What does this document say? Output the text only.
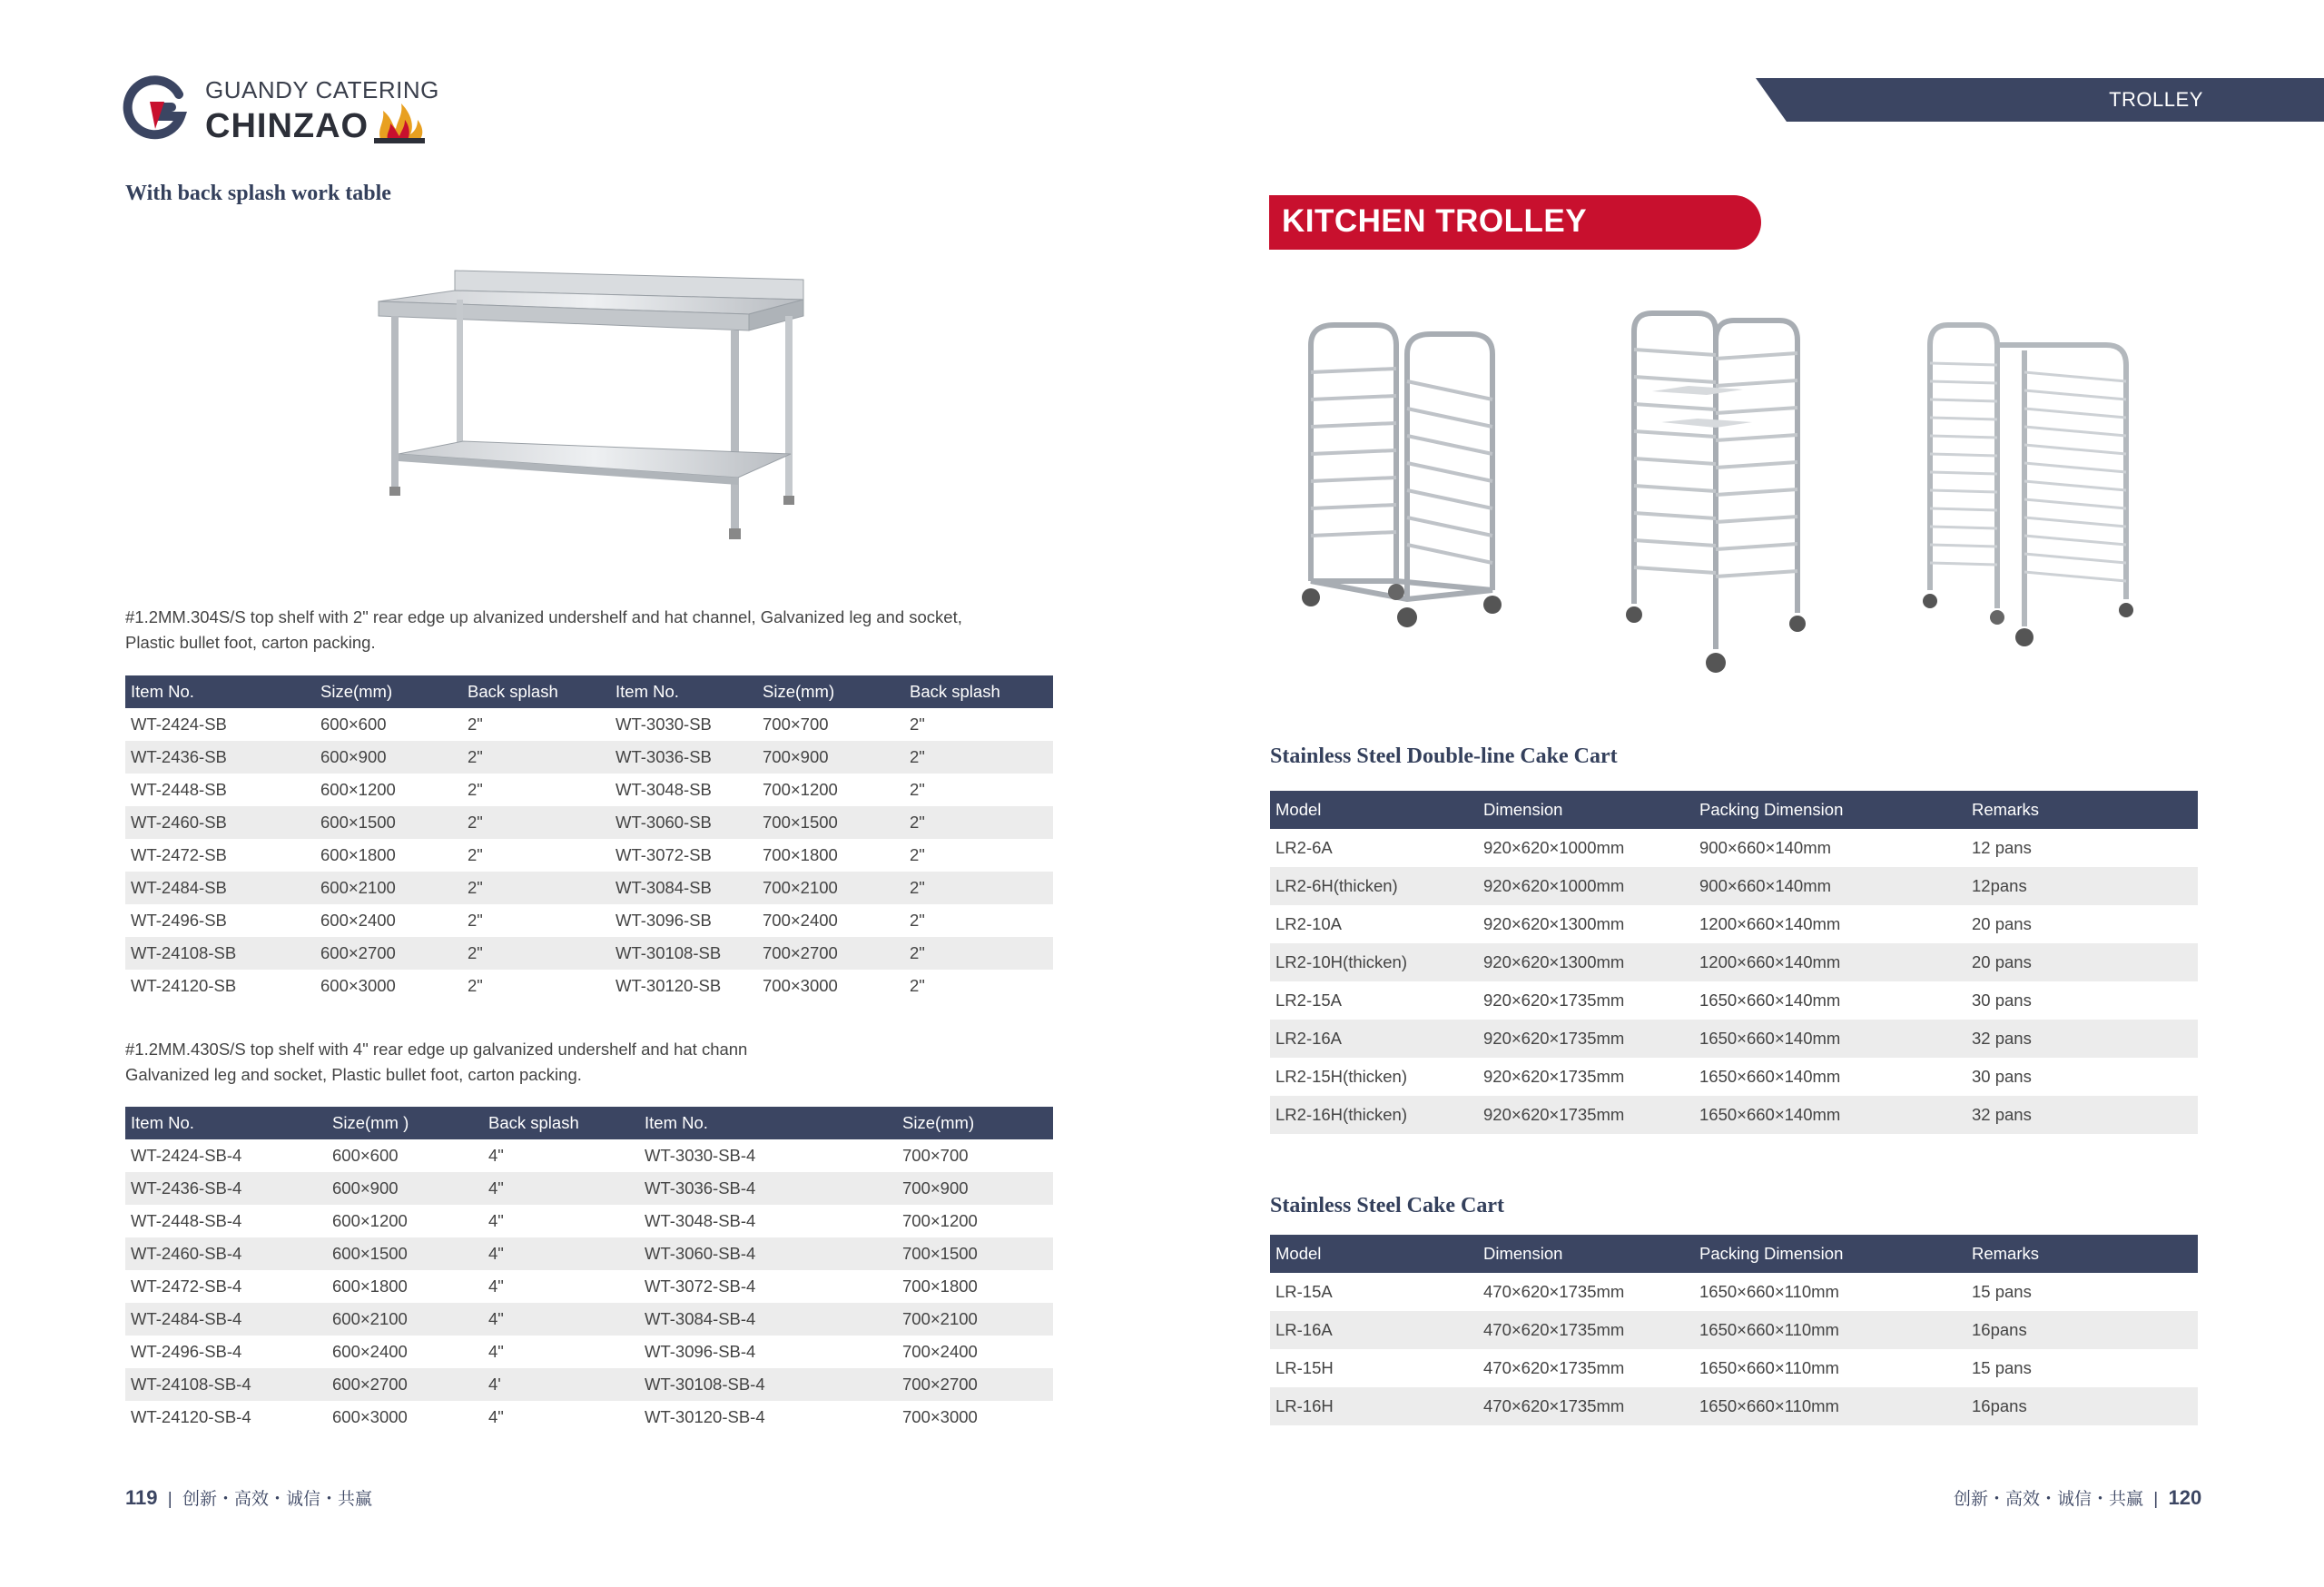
GUANDY CATERING
CHINZAO
With back splash work table
#1.2MM.304S/S top shelf with 2" rear edge up alvanized undershelf and hat channel, Galvanized leg and socket,
Plastic bullet foot, carton packing.
Item No.	Size(mm)	Back splash	Item No.	Size(mm)	Back splash
WT-2424-SB	600×600	2"	WT-3030-SB	700×700	2"
WT-2436-SB	600×900	2"	WT-3036-SB	700×900	2"
WT-2448-SB	600×1200	2"	WT-3048-SB	700×1200	2"
WT-2460-SB	600×1500	2"	WT-3060-SB	700×1500	2"
WT-2472-SB	600×1800	2"	WT-3072-SB	700×1800	2"
WT-2484-SB	600×2100	2"	WT-3084-SB	700×2100	2"
WT-2496-SB	600×2400	2"	WT-3096-SB	700×2400	2"
WT-24108-SB	600×2700	2"	WT-30108-SB	700×2700	2"
WT-24120-SB	600×3000	2"	WT-30120-SB	700×3000	2"
#1.2MM.430S/S top shelf with 4" rear edge up galvanized undershelf and hat chann
Galvanized leg and socket, Plastic bullet foot, carton packing.
Item No.	Size(mm )	Back splash	Item No.	Size(mm)
WT-2424-SB-4	600×600	4"	WT-3030-SB-4	700×700
WT-2436-SB-4	600×900	4"	WT-3036-SB-4	700×900
WT-2448-SB-4	600×1200	4"	WT-3048-SB-4	700×1200
WT-2460-SB-4	600×1500	4"	WT-3060-SB-4	700×1500
WT-2472-SB-4	600×1800	4"	WT-3072-SB-4	700×1800
WT-2484-SB-4	600×2100	4"	WT-3084-SB-4	700×2100
WT-2496-SB-4	600×2400	4"	WT-3096-SB-4	700×2400
WT-24108-SB-4	600×2700	4'	WT-30108-SB-4	700×2700
WT-24120-SB-4	600×3000	4"	WT-30120-SB-4	700×3000
119 | 创新・高效・诚信・共赢
TROLLEY
KITCHEN TROLLEY
Stainless Steel Double-line Cake Cart
Model	Dimension	Packing Dimension	Remarks
LR2-6A	920×620×1000mm	900×660×140mm	12 pans
LR2-6H(thicken)	920×620×1000mm	900×660×140mm	12pans
LR2-10A	920×620×1300mm	1200×660×140mm	20 pans
LR2-10H(thicken)	920×620×1300mm	1200×660×140mm	20 pans
LR2-15A	920×620×1735mm	1650×660×140mm	30 pans
LR2-16A	920×620×1735mm	1650×660×140mm	32 pans
LR2-15H(thicken)	920×620×1735mm	1650×660×140mm	30 pans
LR2-16H(thicken)	920×620×1735mm	1650×660×140mm	32 pans
Stainless Steel Cake Cart
Model	Dimension	Packing Dimension	Remarks
LR-15A	470×620×1735mm	1650×660×110mm	15 pans
LR-16A	470×620×1735mm	1650×660×110mm	16pans
LR-15H	470×620×1735mm	1650×660×110mm	15 pans
LR-16H	470×620×1735mm	1650×660×110mm	16pans
创新・高效・诚信・共赢 | 120
